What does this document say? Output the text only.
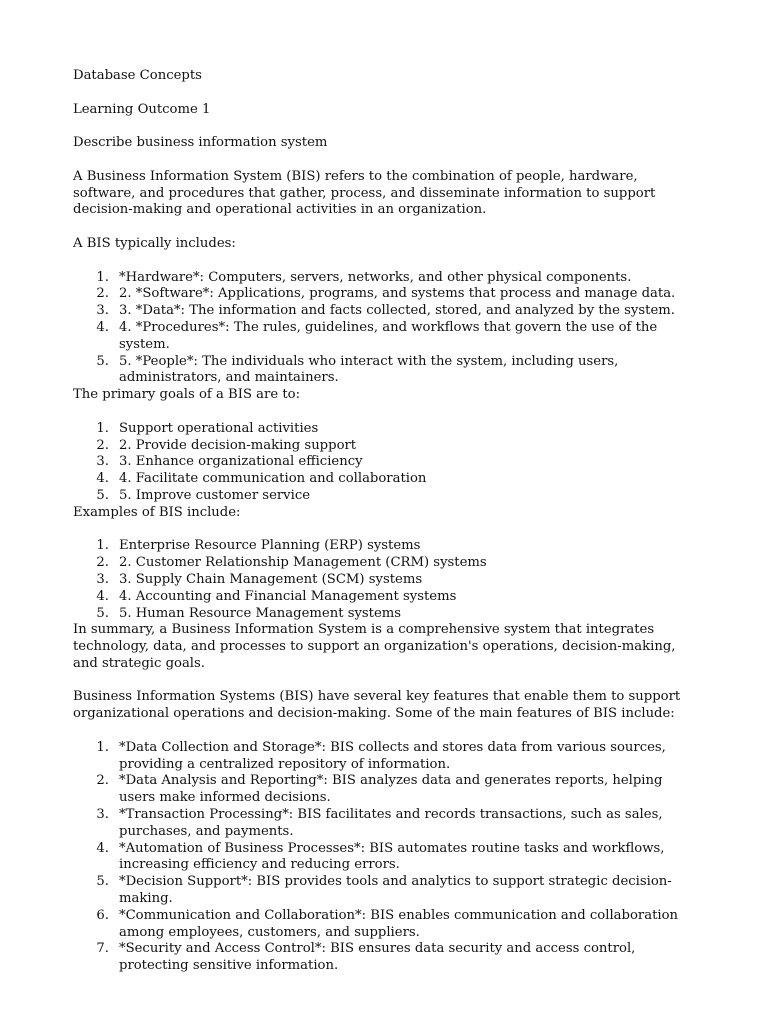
Database Concepts

Learning Outcome 1

Describe business information system

A Business Information System (BIS) refers to the combination of people, hardware, software, and procedures that gather, process, and disseminate information to support decision-making and operational activities in an organization.

A BIS typically includes:

1. *Hardware*: Computers, servers, networks, and other physical components.
2. 2. *Software*: Applications, programs, and systems that process and manage data.
3. 3. *Data*: The information and facts collected, stored, and analyzed by the system.
4. 4. *Procedures*: The rules, guidelines, and workflows that govern the use of the system.
5. 5. *People*: The individuals who interact with the system, including users, administrators, and maintainers.

The primary goals of a BIS are to:

1. Support operational activities
2. 2. Provide decision-making support
3. 3. Enhance organizational efficiency
4. 4. Facilitate communication and collaboration
5. 5. Improve customer service

Examples of BIS include:

1. Enterprise Resource Planning (ERP) systems
2. 2. Customer Relationship Management (CRM) systems
3. 3. Supply Chain Management (SCM) systems
4. 4. Accounting and Financial Management systems
5. 5. Human Resource Management systems

In summary, a Business Information System is a comprehensive system that integrates technology, data, and processes to support an organization's operations, decision-making, and strategic goals.

Business Information Systems (BIS) have several key features that enable them to support organizational operations and decision-making. Some of the main features of BIS include:

1. *Data Collection and Storage*: BIS collects and stores data from various sources, providing a centralized repository of information.
2. *Data Analysis and Reporting*: BIS analyzes data and generates reports, helping users make informed decisions.
3. *Transaction Processing*: BIS facilitates and records transactions, such as sales, purchases, and payments.
4. *Automation of Business Processes*: BIS automates routine tasks and workflows, increasing efficiency and reducing errors.
5. *Decision Support*: BIS provides tools and analytics to support strategic decision-making.
6. *Communication and Collaboration*: BIS enables communication and collaboration among employees, customers, and suppliers.
7. *Security and Access Control*: BIS ensures data security and access control, protecting sensitive information.
